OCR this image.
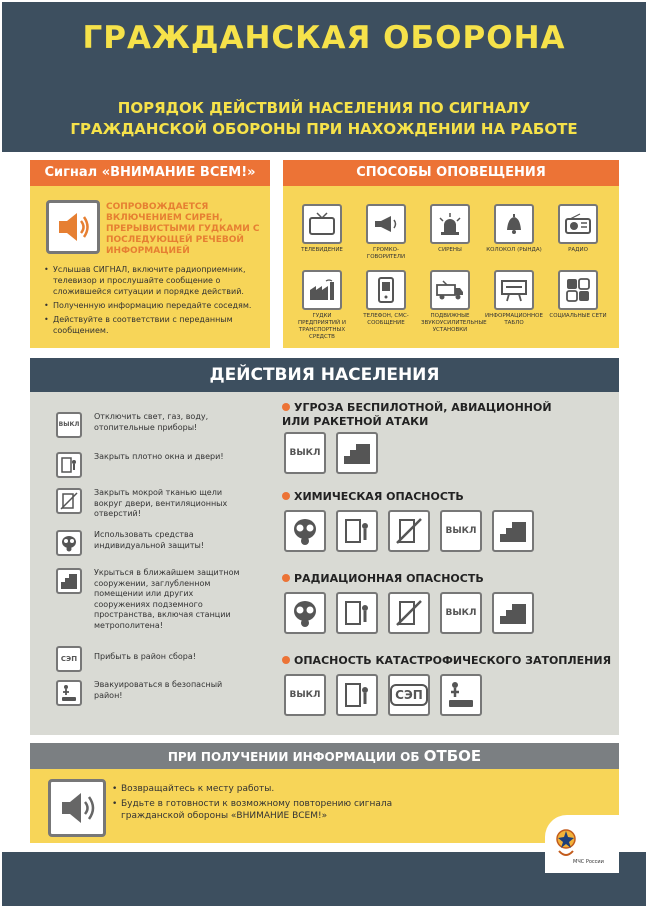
ГРАЖДАНСКАЯ ОБОРОНА
ПОРЯДОК ДЕЙСТВИЙ НАСЕЛЕНИЯ ПО СИГНАЛУ
ГРАЖДАНСКОЙ ОБОРОНЫ ПРИ НАХОЖДЕНИИ НА РАБОТЕ
Сигнал «ВНИМАНИЕ ВСЕМ!»
СОПРОВОЖДАЕТСЯ ВКЛЮЧЕНИЕМ СИРЕН, ПРЕРЫВИСТЫМИ ГУДКАМИ С ПОСЛЕДУЮЩЕЙ РЕЧЕВОЙ ИНФОРМАЦИЕЙ
• Услышав СИГНАЛ, включите радиоприемник, телевизор и прослушайте сообщение о сложившейся ситуации и порядке действий.
• Полученную информацию передайте соседям.
• Действуйте в соответствии с переданным сообщением.
СПОСОБЫ ОПОВЕЩЕНИЯ
ТЕЛЕВИДЕНИЕ	ГРОМКО-ГОВОРИТЕЛИ
СИРЕНЫ	КОЛОКОЛ (РЫНДА)	РАДИО
ГУДКИ ПРЕДПРИЯТИЙ И ТРАНСПОРТНЫХ СРЕДСТВ
ТЕЛЕФОН, СМС-СООБЩЕНИЕ
ПОДВИЖНЫЕ ЗВУКОУСИЛИТЕЛЬНЫЕ УСТАНОВКИ
ИНФОРМАЦИОННОЕ ТАБЛО
СОЦИАЛЬНЫЕ СЕТИ
ДЕЙСТВИЯ НАСЕЛЕНИЯ
ВЫКЛ
Отключить свет, газ, воду, отопительные приборы!
Закрыть плотно окна и двери!
Закрыть мокрой тканью щели вокруг двери, вентиляционных отверстий!
Использовать средства индивидуальной защиты!
Укрыться в ближайшем защитном сооружении, заглубленном помещении или других сооружениях подземного пространства, включая станции метрополитена!
СЭП Прибыть в район сбора!
Эвакуироваться в безопасный район!
УГРОЗА БЕСПИЛОТНОЙ, АВИАЦИОННОЙ ИЛИ РАКЕТНОЙ АТАКИ
ВЫКЛ
ХИМИЧЕСКАЯ ОПАСНОСТЬ
ВЫКЛ
РАДИАЦИОННАЯ ОПАСНОСТЬ
ВЫКЛ
ОПАСНОСТЬ КАТАСТРОФИЧЕСКОГО ЗАТОПЛЕНИЯ
ВЫКЛ	СЭП
ПРИ ПОЛУЧЕНИИ ИНФОРМАЦИИ ОБ ОТБОЕ
• Возвращайтесь к месту работы.
• Будьте в готовности к возможному повторению сигнала гражданской обороны «ВНИМАНИЕ ВСЕМ!»
МЧС России
